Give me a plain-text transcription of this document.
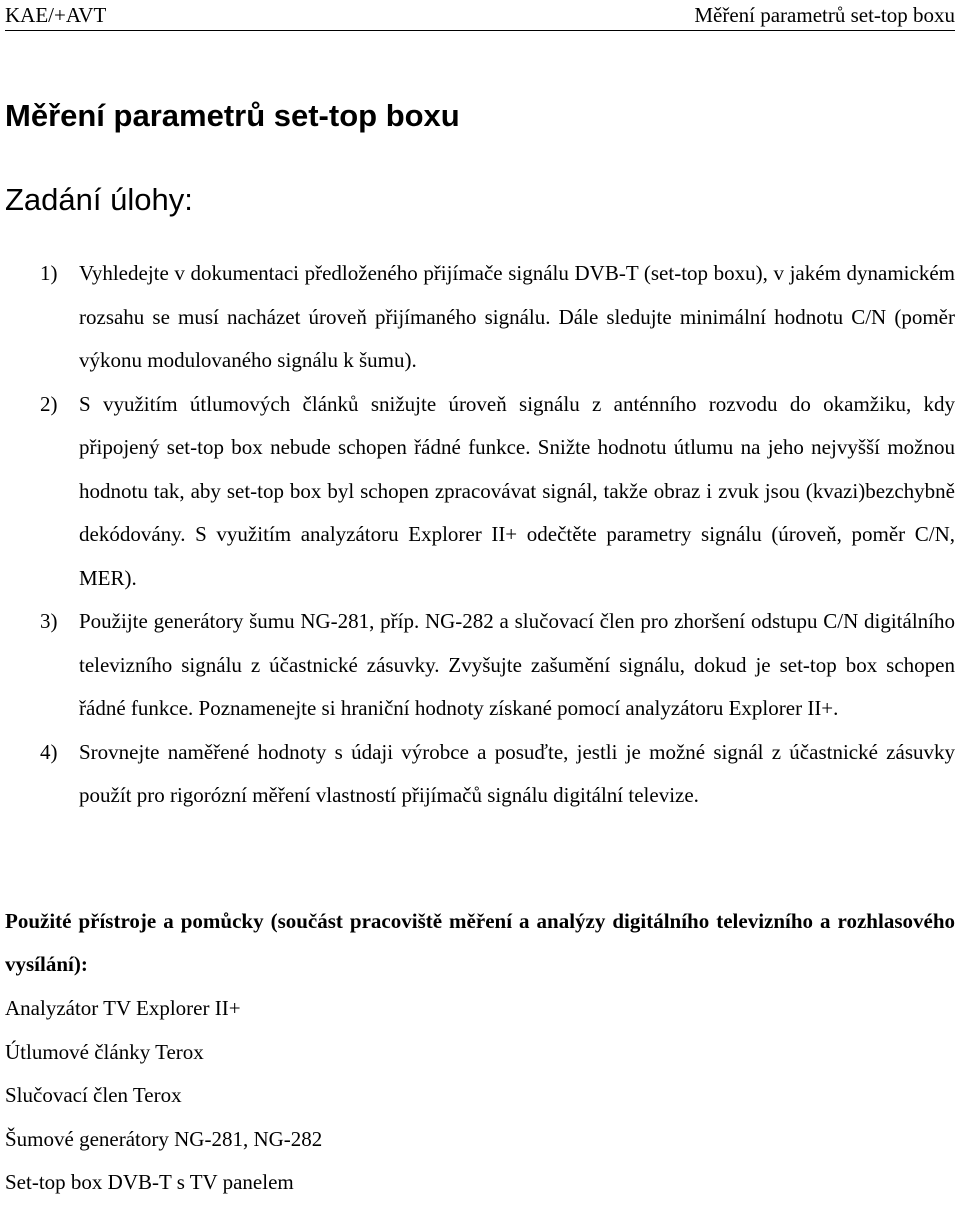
KAE/+AVT	Měření parametrů set-top boxu
Měření parametrů set-top boxu
Zadání úlohy:
1) Vyhledejte v dokumentaci předloženého přijímače signálu DVB-T (set-top boxu), v jakém dynamickém rozsahu se musí nacházet úroveň přijímaného signálu. Dále sledujte minimální hodnotu C/N (poměr výkonu modulovaného signálu k šumu).
2) S využitím útlumových článků snižujte úroveň signálu z anténního rozvodu do okamžiku, kdy připojený set-top box nebude schopen řádné funkce. Snižte hodnotu útlumu na jeho nejvyšší možnou hodnotu tak, aby set-top box byl schopen zpracovávat signál, takže obraz i zvuk jsou (kvazi)bezchybně dekódovány. S využitím analyzátoru Explorer II+ odečtěte parametry signálu (úroveň, poměr C/N, MER).
3) Použijte generátory šumu NG-281, příp. NG-282 a slučovací člen pro zhoršení odstupu C/N digitálního televizního signálu z účastnické zásuvky. Zvyšujte zašumění signálu, dokud je set-top box schopen řádné funkce. Poznamenejte si hraniční hodnoty získané pomocí analyzátoru Explorer II+.
4) Srovnejte naměřené hodnoty s údaji výrobce a posuďte, jestli je možné signál z účastnické zásuvky použít pro rigorózní měření vlastností přijímačů signálu digitální televize.

Použité přístroje a pomůcky (součást pracoviště měření a analýzy digitálního televizního a rozhlasového vysílání):

Analyzátor TV Explorer II+
Útlumové články Terox
Slučovací člen Terox
Šumové generátory NG-281, NG-282
Set-top box DVB-T s TV panelem
